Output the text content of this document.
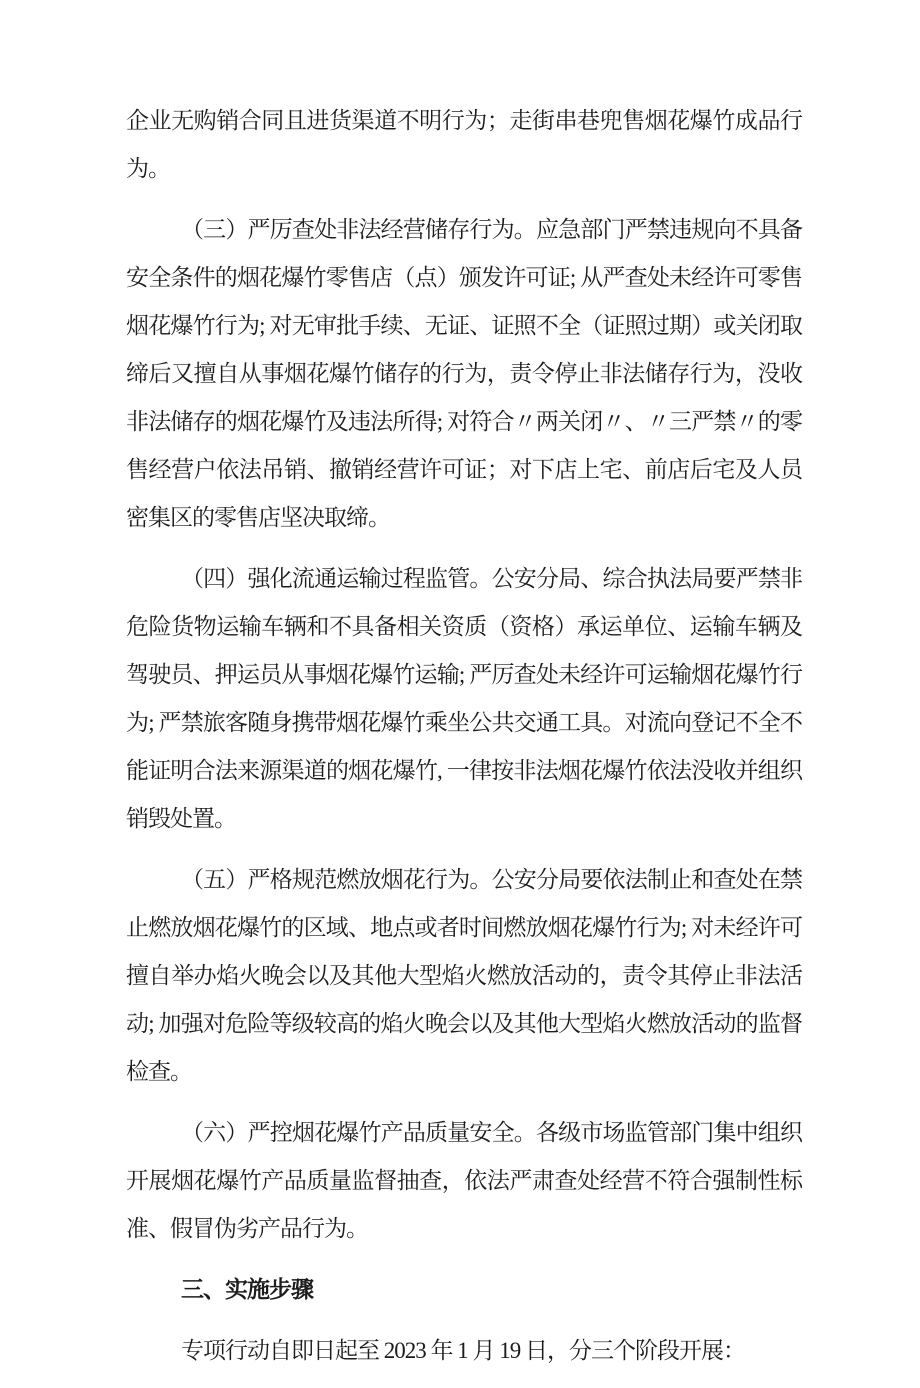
企业无购销合同且进货渠道不明行为；走街串巷兜售烟花爆竹成品行为。

（三）严厉查处非法经营储存行为。应急部门严禁违规向不具备安全条件的烟花爆竹零售店（点）颁发许可证; 从严查处未经许可零售烟花爆竹行为; 对无审批手续、无证、证照不全（证照过期）或关闭取缔后又擅自从事烟花爆竹储存的行为，责令停止非法储存行为，没收非法储存的烟花爆竹及违法所得; 对符合〃两关闭〃、〃三严禁〃的零售经营户依法吊销、撤销经营许可证；对下店上宅、前店后宅及人员密集区的零售店坚决取缔。

（四）强化流通运输过程监管。公安分局、综合执法局要严禁非危险货物运输车辆和不具备相关资质（资格）承运单位、运输车辆及驾驶员、押运员从事烟花爆竹运输; 严厉查处未经许可运输烟花爆竹行为; 严禁旅客随身携带烟花爆竹乘坐公共交通工具。对流向登记不全不能证明合法来源渠道的烟花爆竹, 一律按非法烟花爆竹依法没收并组织销毁处置。

（五）严格规范燃放烟花行为。公安分局要依法制止和查处在禁止燃放烟花爆竹的区域、地点或者时间燃放烟花爆竹行为; 对未经许可擅自举办焰火晚会以及其他大型焰火燃放活动的，责令其停止非法活动; 加强对危险等级较高的焰火晚会以及其他大型焰火燃放活动的监督检查。

（六）严控烟花爆竹产品质量安全。各级市场监管部门集中组织开展烟花爆竹产品质量监督抽查，依法严肃查处经营不符合强制性标准、假冒伪劣产品行为。

三、实施步骤

专项行动自即日起至 2023 年 1 月 19 日，分三个阶段开展：
